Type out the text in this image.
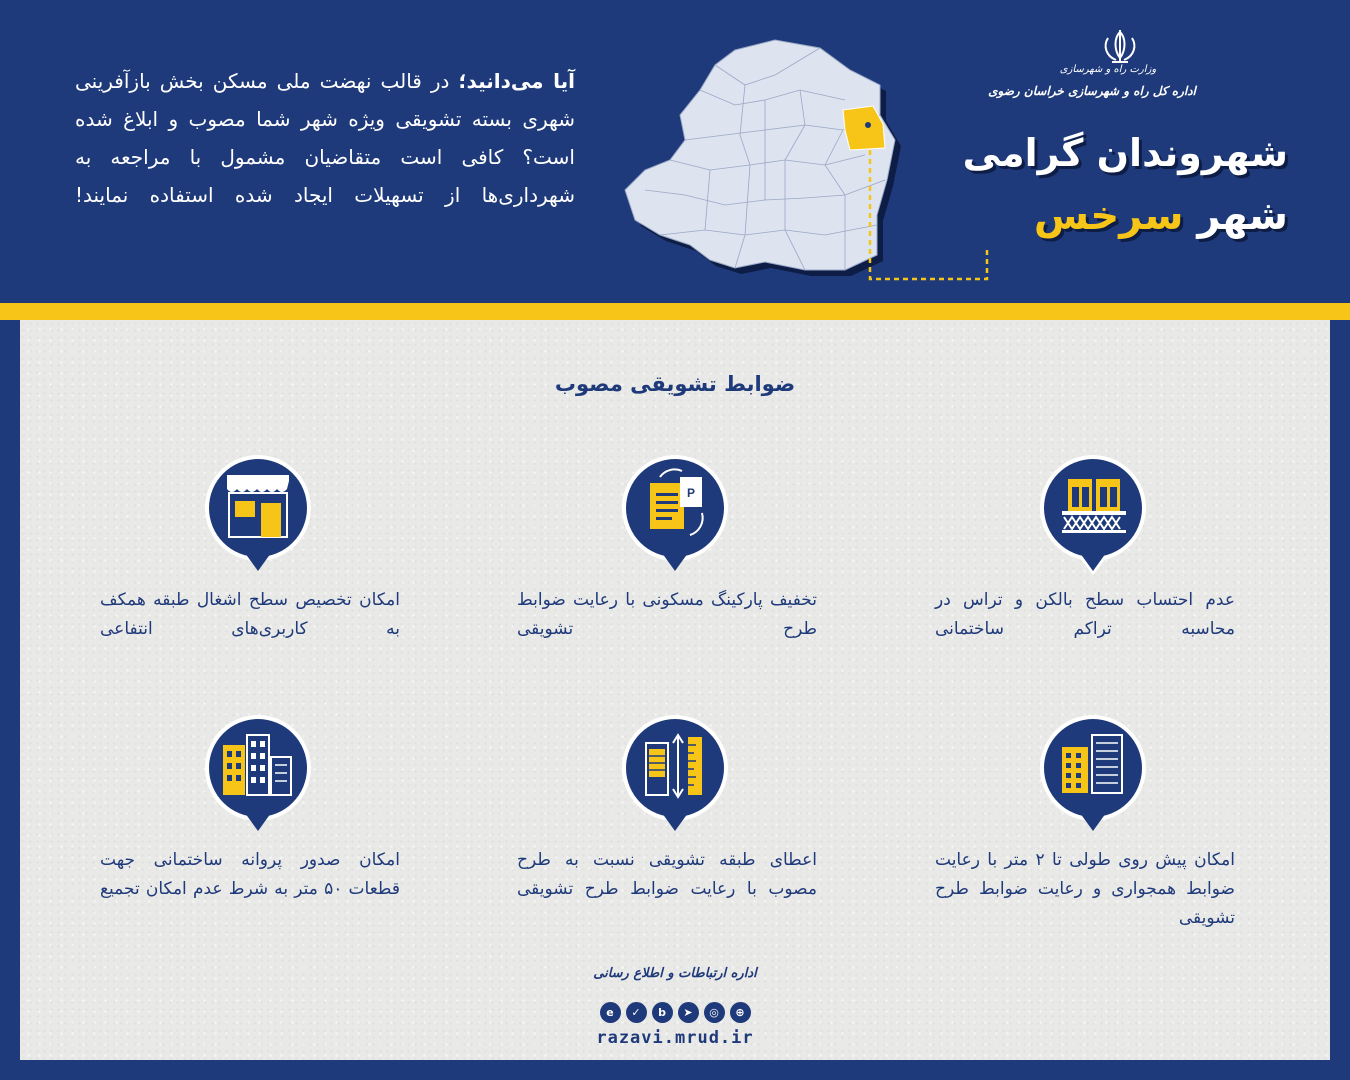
وزارت راه و شهرسازی
اداره کل راه و شهرسازی خراسان رضوی
شهروندان گرامی
شهر سرخس
آیا می‌دانید؛ در قالب نهضت ملی مسکن بخش بازآفرینی شهری بسته تشویقی ویژه شهر شما مصوب و ابلاغ شده است؟ کافی است متقاضیان مشمول با مراجعه به شهرداری‌ها از تسهیلات ایجاد شده استفاده نمایند!
ضوابط تشویقی مصوب
P
عدم احتساب سطح بالکن و تراس در محاسبه تراکم ساختمانی
تخفیف پارکینگ مسکونی با رعایت ضوابط طرح تشویقی
امکان تخصیص سطح اشغال طبقه همکف به کاربری‌های انتفاعی
امکان پیش روی طولی تا ۲ متر با رعایت ضوابط همجواری و رعایت ضوابط طرح تشویقی
اعطای طبقه تشویقی نسبت به طرح مصوب با رعایت ضوابط طرح تشویقی
امکان صدور پروانه ساختمانی جهت قطعات ۵۰ متر به شرط عدم امکان تجمیع
اداره ارتباطات و اطلاع رسانی
e	✓	b	➤	◎	⊕
razavi.mrud.ir
